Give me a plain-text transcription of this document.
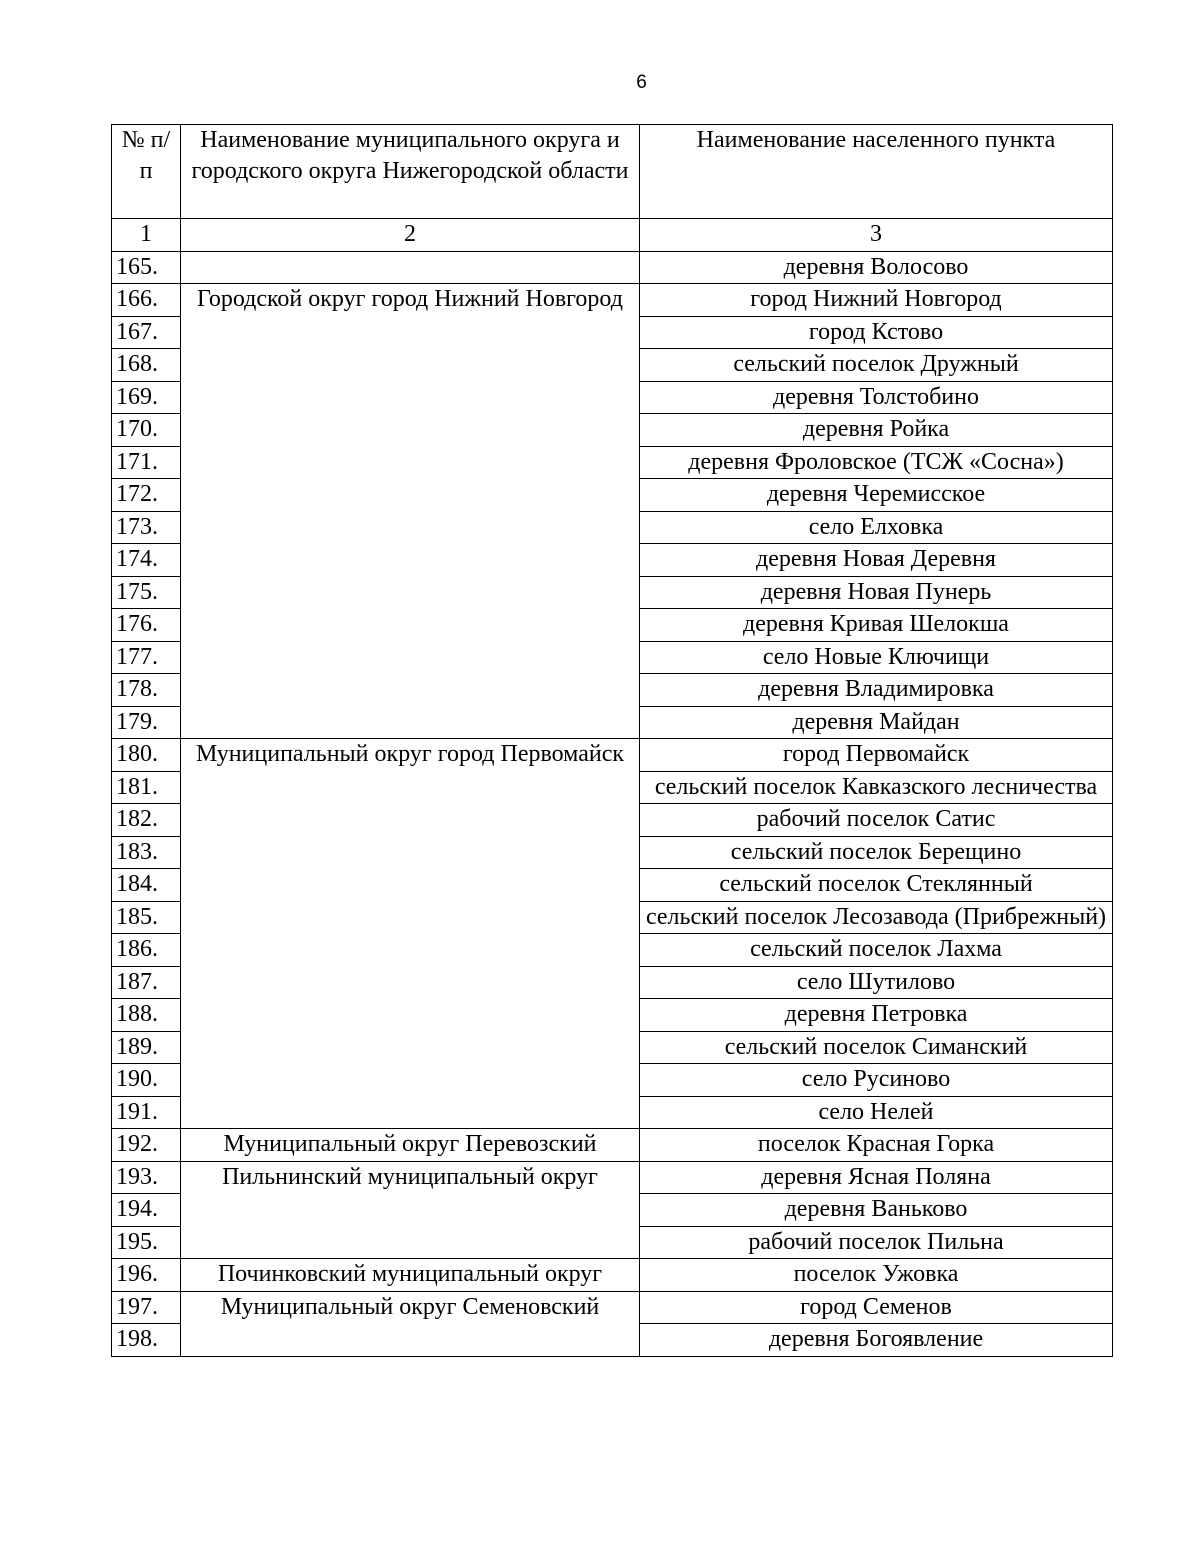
6
№ п/п	Наименование муниципального округа и городского округа Нижегородской области	Наименование населенного пункта
1	2	3
165.		деревня Волосово
166.	Городской округ город Нижний Новгород	город Нижний Новгород
167.		город Кстово
168.		сельский поселок Дружный
169.		деревня Толстобино
170.		деревня Ройка
171.		деревня Фроловское (ТСЖ «Сосна»)
172.		деревня Черемисское
173.		село Елховка
174.		деревня Новая Деревня
175.		деревня Новая Пунерь
176.		деревня Кривая Шелокша
177.		село Новые Ключищи
178.		деревня Владимировка
179.		деревня Майдан
180.	Муниципальный округ город Первомайск	город Первомайск
181.		сельский поселок Кавказского лесничества
182.		рабочий поселок Сатис
183.		сельский поселок Берещино
184.		сельский поселок Стеклянный
185.		сельский поселок Лесозавода (Прибрежный)
186.		сельский поселок Лахма
187.		село Шутилово
188.		деревня Петровка
189.		сельский поселок Симанский
190.		село Русиново
191.		село Нелей
192.	Муниципальный округ Перевозский	поселок Красная Горка
193.	Пильнинский муниципальный округ	деревня Ясная Поляна
194.		деревня Ваньково
195.		рабочий поселок Пильна
196.	Починковский муниципальный округ	поселок Ужовка
197.	Муниципальный округ Семеновский	город Семенов
198.		деревня Богоявление
